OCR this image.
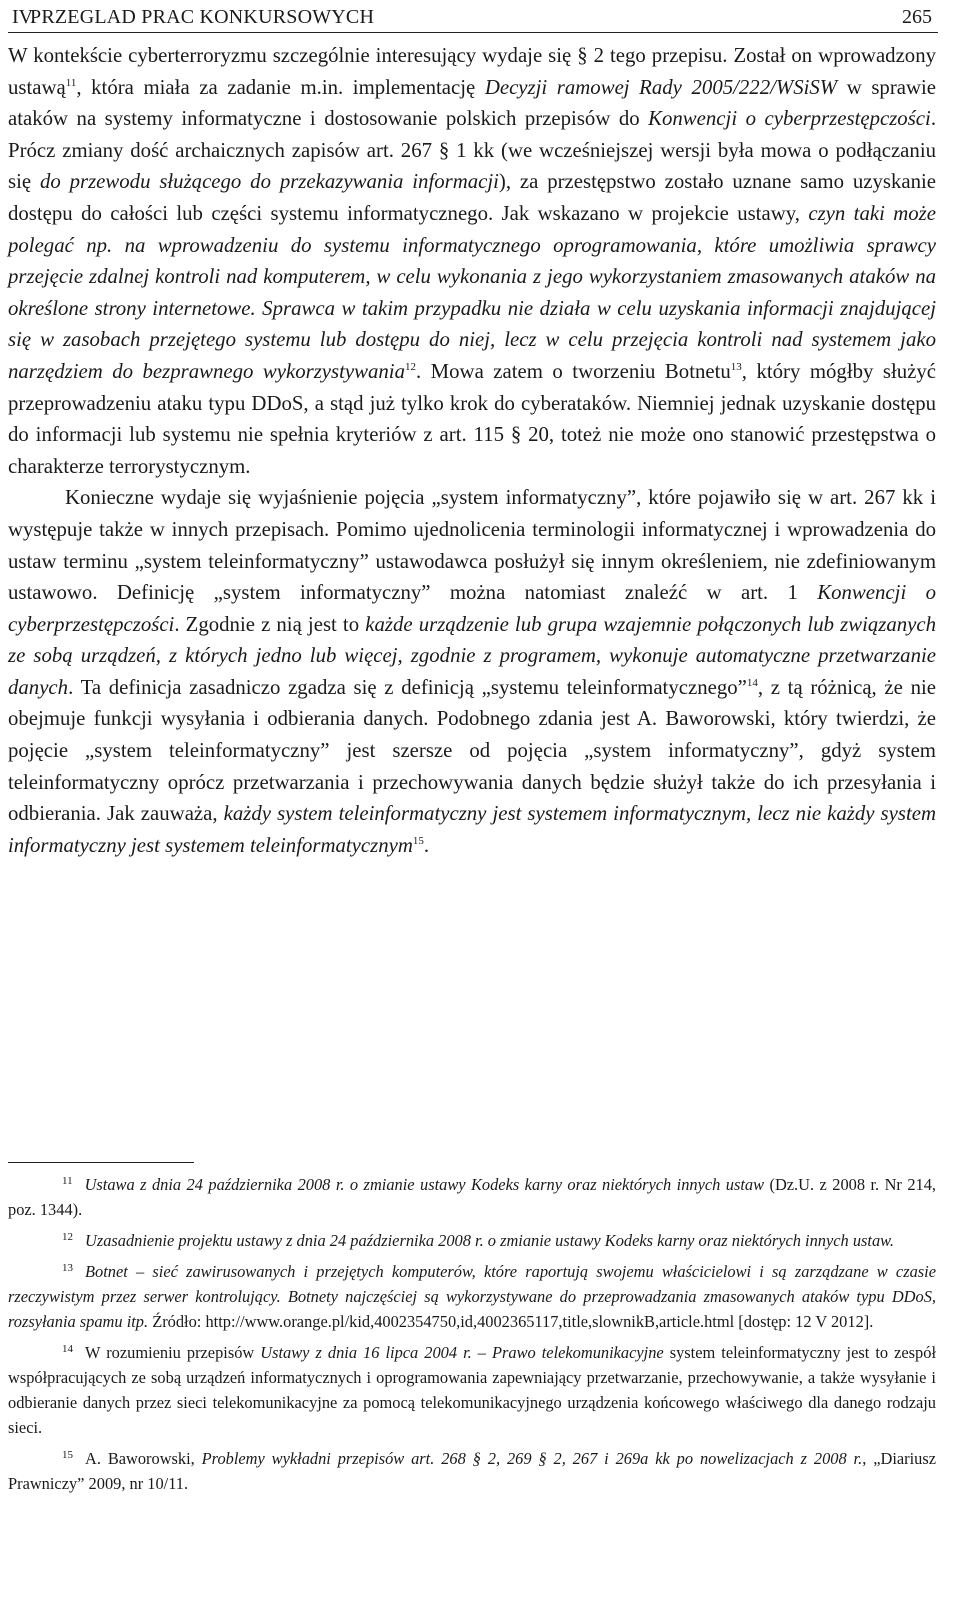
IV.
PRZEGLAD PRAC KONKURSOWYCH	265

W kontekście cyberterroryzmu szczególnie interesujący wydaje się § 2 tego przepisu. Został on wprowadzony ustawą$^{11}$, która miała za zadanie m.in. implementację Decyzji ramowej Rady 2005/222/WSiSW w sprawie ataków na systemy informatyczne i dostosowanie polskich przepisów do Konwencji o cyberprzestępczości. Prócz zmiany dość archaicznych zapisów art. 267 § 1 kk (we wcześniejszej wersji była mowa o podłączaniu się do przewodu służącego do przekazywania informacji), za przestępstwo zostało uznane samo uzyskanie dostępu do całości lub części systemu informatycznego. Jak wskazano w projekcie ustawy, czyn taki może polegać np. na wprowadzeniu do systemu informatycznego oprogramowania, które umożliwia sprawcy przejęcie zdalnej kontroli nad komputerem, w celu wykonania z jego wykorzystaniem zmasowanych ataków na określone strony internetowe. Sprawca w takim przypadku nie działa w celu uzyskania informacji znajdującej się w zasobach przejętego systemu lub dostępu do niej, lecz w celu przejęcia kontroli nad systemem jako narzędziem do bezprawnego wykorzystywania$^{12}$. Mowa zatem o tworzeniu Botnetu$^{13}$, który mógłby służyć przeprowadzeniu ataku typu DDoS, a stąd już tylko krok do cyberataków. Niemniej jednak uzyskanie dostępu do informacji lub systemu nie spełnia kryteriów z art. 115 § 20, toteż nie może ono stanowić przestępstwa o charakterze terrorystycznym.

Konieczne wydaje się wyjaśnienie pojęcia „system informatyczny”, które pojawiło się w art. 267 kk i występuje także w innych przepisach. Pomimo ujednolicenia terminologii informatycznej i wprowadzenia do ustaw terminu „system teleinformatyczny” ustawodawca posłużył się innym określeniem, nie zdefiniowanym ustawowo. Definicję „system informatyczny” można natomiast znaleźć w art. 1 Konwencji o cyberprzestępczości. Zgodnie z nią jest to każde urządzenie lub grupa wzajemnie połączonych lub związanych ze sobą urządzeń, z których jedno lub więcej, zgodnie z programem, wykonuje automatyczne przetwarzanie danych. Ta definicja zasadniczo zgadza się z definicją „systemu teleinformatycznego”$^{14}$, z tą różnicą, że nie obejmuje funkcji wysyłania i odbierania danych. Podobnego zdania jest A. Baworowski, który twierdzi, że pojęcie „system teleinformatyczny” jest szersze od pojęcia „system informatyczny”, gdyż system teleinformatyczny oprócz przetwarzania i przechowywania danych będzie służył także do ich przesyłania i odbierania. Jak zauważa, każdy system teleinformatyczny jest systemem informatycznym, lecz nie każdy system informatyczny jest systemem teleinformatycznym$^{15}$.

$^{11}$ Ustawa z dnia 24 października 2008 r. o zmianie ustawy Kodeks karny oraz niektórych innych ustaw (Dz.U. z 2008 r. Nr 214, poz. 1344).

$^{12}$ Uzasadnienie projektu ustawy z dnia 24 października 2008 r. o zmianie ustawy Kodeks karny oraz niektórych innych ustaw.

$^{13}$ Botnet – sieć zawirusowanych i przejętych komputerów, które raportują swojemu właścicielowi i są zarządzane w czasie rzeczywistym przez serwer kontrolujący. Botnety najczęściej są wykorzystywane do przeprowadzania zmasowanych ataków typu DDoS, rozsyłania spamu itp. Źródło: http://www.orange.pl/kid,4002354750,id,4002365117,title,slownikB,article.html [dostęp: 12 V 2012].

$^{14}$ W rozumieniu przepisów Ustawy z dnia 16 lipca 2004 r. – Prawo telekomunikacyjne system teleinformatyczny jest to zespół współpracujących ze sobą urządzeń informatycznych i oprogramowania zapewniający przetwarzanie, przechowywanie, a także wysyłanie i odbieranie danych przez sieci telekomunikacyjne za pomocą telekomunikacyjnego urządzenia końcowego właściwego dla danego rodzaju sieci.

$^{15}$ A. Baworowski, Problemy wykładni przepisów art. 268 § 2, 269 § 2, 267 i 269a kk po nowelizacjach z 2008 r., „Diariusz Prawniczy” 2009, nr 10/11.
